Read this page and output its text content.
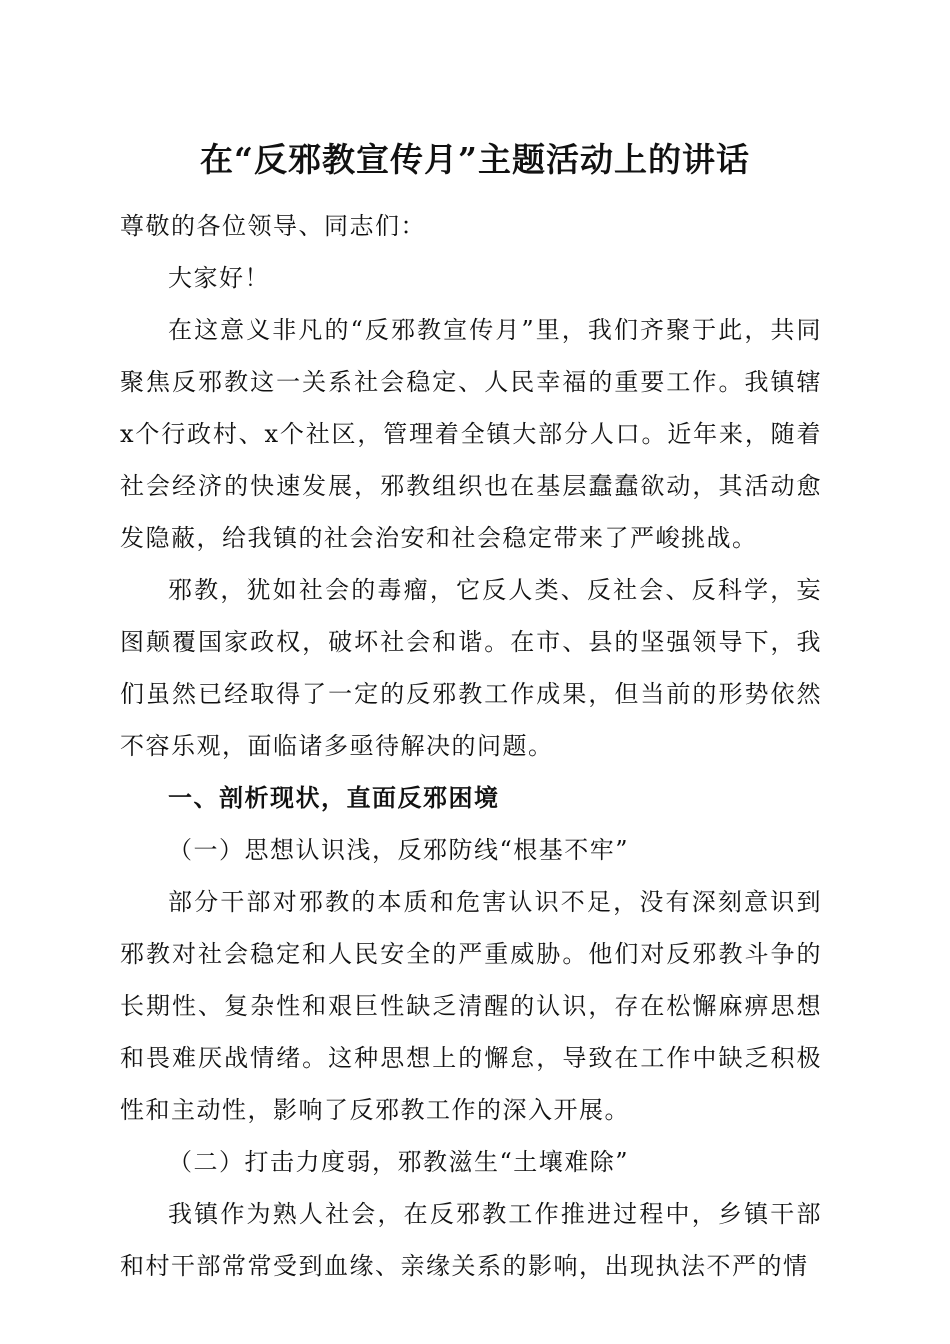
在“反邪教宣传月”主题活动上的讲话

尊敬的各位领导、同志们：

大家好！

在这意义非凡的“反邪教宣传月”里，我们齐聚于此，共同聚焦反邪教这一关系社会稳定、人民幸福的重要工作。我镇辖x个行政村、x个社区，管理着全镇大部分人口。近年来，随着社会经济的快速发展，邪教组织也在基层蠢蠢欲动，其活动愈发隐蔽，给我镇的社会治安和社会稳定带来了严峻挑战。

邪教，犹如社会的毒瘤，它反人类、反社会、反科学，妄图颠覆国家政权，破坏社会和谐。在市、县的坚强领导下，我们虽然已经取得了一定的反邪教工作成果，但当前的形势依然不容乐观，面临诸多亟待解决的问题。

一、剖析现状，直面反邪困境

（一）思想认识浅，反邪防线“根基不牢”

部分干部对邪教的本质和危害认识不足，没有深刻意识到邪教对社会稳定和人民安全的严重威胁。他们对反邪教斗争的长期性、复杂性和艰巨性缺乏清醒的认识，存在松懈麻痹思想和畏难厌战情绪。这种思想上的懈怠，导致在工作中缺乏积极性和主动性，影响了反邪教工作的深入开展。

（二）打击力度弱，邪教滋生“土壤难除”

我镇作为熟人社会，在反邪教工作推进过程中，乡镇干部和村干部常常受到血缘、亲缘关系的影响，出现执法不严的情
